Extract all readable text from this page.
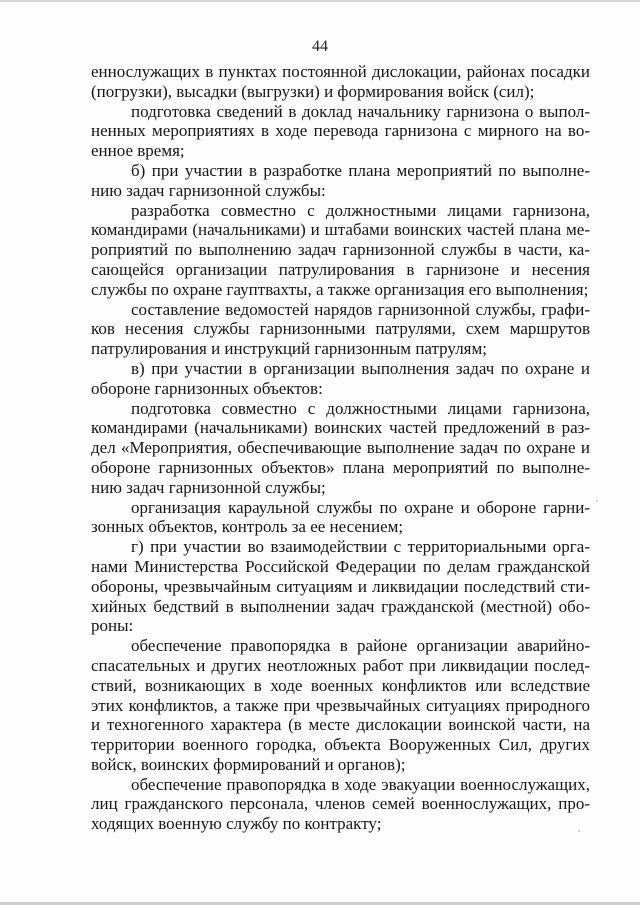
44
еннослужащих в пунктах постоянной дислокации, районах посадки
(погрузки), высадки (выгрузки) и формирования войск (сил);
подготовка сведений в доклад начальнику гарнизона о выпол-
ненных мероприятиях в ходе перевода гарнизона с мирного на во-
енное время;
б) при участии в разработке плана мероприятий по выполне-
нию задач гарнизонной службы:
разработка совместно с должностными лицами гарнизона,
командирами (начальниками) и штабами воинских частей плана ме-
роприятий по выполнению задач гарнизонной службы в части, ка-
сающейся организации патрулирования в гарнизоне и несения
службы по охране гауптвахты, а также организация его выполнения;
составление ведомостей нарядов гарнизонной службы, графи-
ков несения службы гарнизонными патрулями, схем маршрутов
патрулирования и инструкций гарнизонным патрулям;
в) при участии в организации выполнения задач по охране и
обороне гарнизонных объектов:
подготовка совместно с должностными лицами гарнизона,
командирами (начальниками) воинских частей предложений в раз-
дел «Мероприятия, обеспечивающие выполнение задач по охране и
обороне гарнизонных объектов» плана мероприятий по выполне-
нию задач гарнизонной службы;
организация караульной службы по охране и обороне гарни-
зонных объектов, контроль за ее несением;
г) при участии во взаимодействии с территориальными орга-
нами Министерства Российской Федерации по делам гражданской
обороны, чрезвычайным ситуациям и ликвидации последствий сти-
хийных бедствий в выполнении задач гражданской (местной) обо-
роны:
обеспечение правопорядка в районе организации аварийно-
спасательных и других неотложных работ при ликвидации послед-
ствий, возникающих в ходе военных конфликтов или вследствие
этих конфликтов, а также при чрезвычайных ситуациях природного
и техногенного характера (в месте дислокации воинской части, на
территории военного городка, объекта Вооруженных Сил, других
войск, воинских формирований и органов);
обеспечение правопорядка в ходе эвакуации военнослужащих,
лиц гражданского персонала, членов семей военнослужащих, про-
ходящих военную службу по контракту;
